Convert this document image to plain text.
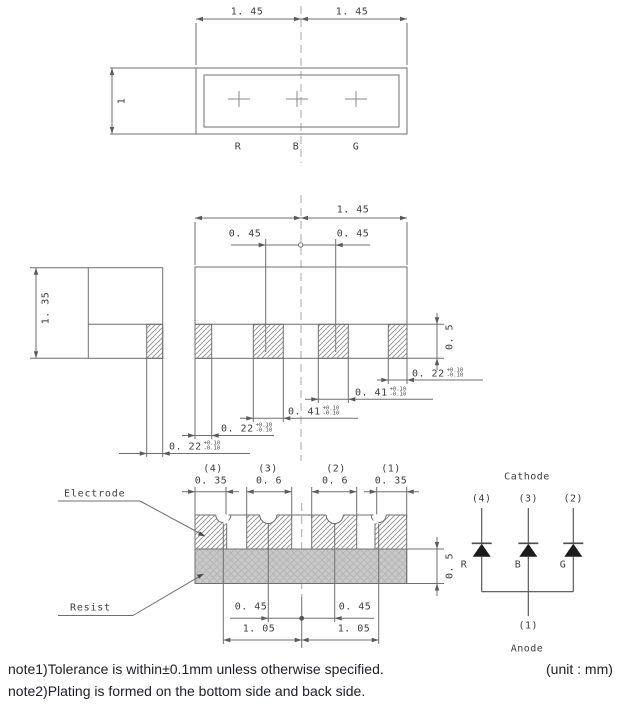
1. 45	1. 45
1
R	B	G
1. 45
0. 45	0. 45
1. 35
0. 5
0. 22 +0.10
-0.10
0. 41 +0.10
-0.10
0. 41 +0.10
-0.10
0. 22 +0.10
-0.10
0. 22 +0.10
-0.10
(4)	(3)	(2)	(1)
0. 35	0. 6	0. 6	0. 35
Electrode
Resist
0. 5
0. 45	0. 45
1. 05	1. 05
Cathode
(4)	(3)	(2)
R	B	G
(1)
Anode
note1)Tolerance is within±0.1mm unless otherwise specified.	(unit : mm)
note2)Plating is formed on the bottom side and back side.
